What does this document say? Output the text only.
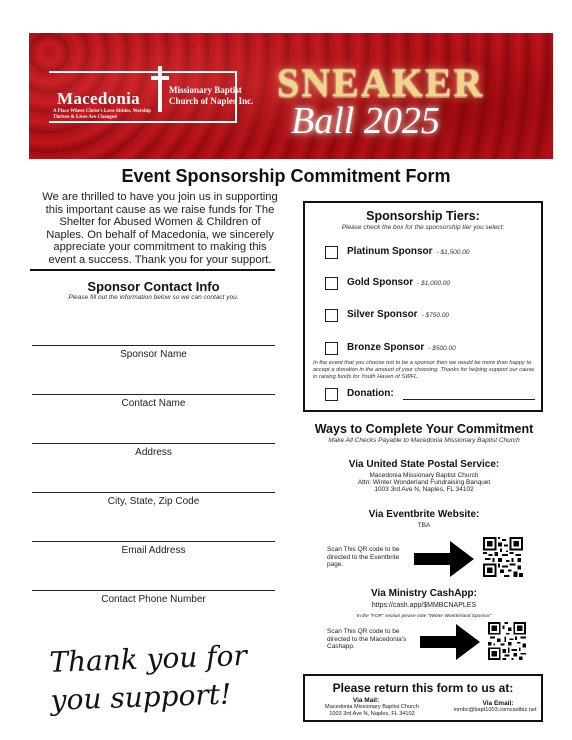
Macedonia	Missionary Baptist Church of Naples Inc.
A Place Where Christ's Love Abides, Worship Thrives & Lives Are Changed
SNEAKER
Ball 2025
Event Sponsorship Commitment Form
We are thrilled to have you join us in supporting this important cause as we raise funds for The Shelter for Abused Women & Children of Naples. On behalf of Macedonia, we sincerely appreciate your commitment to making this event a success. Thank you for your support.
Sponsor Contact Info
Please fill out the information below so we can contact you.
Sponsor Name
Contact Name
Address
City, State, Zip Code
Email Address
Contact Phone Number
Thank you for you support!
Sponsorship Tiers:
Please check the box for the sponsorship tier you select:
Platinum Sponsor - $1,500.00
Gold Sponsor - $1,000.00
Silver Sponsor - $750.00
Bronze Sponsor - $500.00
In the event that you choose not to be a sponsor then we would be more than happy to accept a donation in the amount of your choosing. Thanks for helping support our cause in raising funds for Youth Haven of SWFL.
Donation:
Ways to Complete Your Commitment
Make All Checks Payable to Macedonia Missionary Baptist Church
Via United State Postal Service:
Macedonia Missionary Baptist Church
Attn: Winter Wonderland Fundraising Banquet
1003 3rd Ave N, Naples, FL 34102
Via Eventbrite Website:
TBA
Scan This QR code to be directed to the Eventbrite page.
Via Ministry CashApp:
https://cash.app/$MMBCNAPLES
In the "FOR" section please note "Winter Wonderland Sponsor"
Scan This QR code to be directed to the Macedonia's Cashapp.
Please return this form to us at:
Via Mail:
Macedonia Missionary Baptist Church
1003 3rd Ave N, Naples, FL 34102
Via Email:
mmbc@bapt1003.comcastbiz.net
